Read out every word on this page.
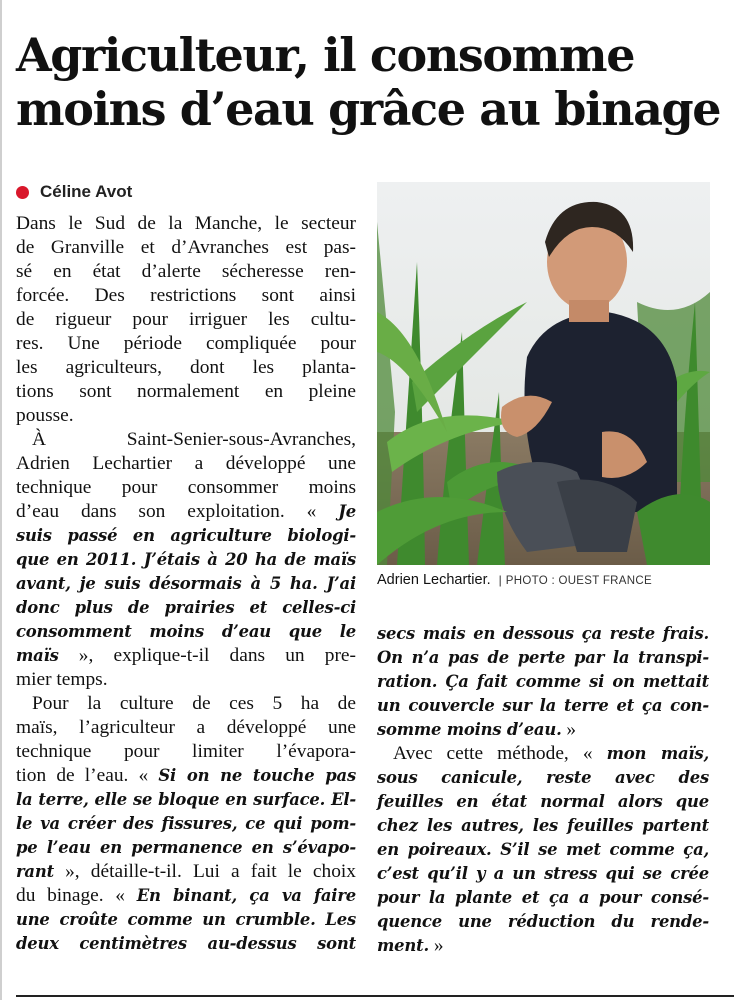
Agriculteur, il consomme
moins d’eau grâce au binage
Céline Avot
Dans le Sud de la Manche, le secteur
de Granville et d’Avranches est pas-
sé en état d’alerte sécheresse ren-
forcée. Des restrictions sont ainsi
de rigueur pour irriguer les cultu-
res. Une période compliquée pour
les agriculteurs, dont les planta-
tions sont normalement en pleine
pousse.
À Saint-Senier-sous-Avranches,
Adrien Lechartier a développé une
technique pour consommer moins
d’eau dans son exploitation. « Je
suis passé en agriculture biologi-
que en 2011. J’étais à 20 ha de maïs
avant, je suis désormais à 5 ha. J’ai
donc plus de prairies et celles-ci
consomment moins d’eau que le
maïs », explique-t-il dans un pre-
mier temps.
Pour la culture de ces 5 ha de
maïs, l’agriculteur a développé une
technique pour limiter l’évapora-
tion de l’eau. « Si on ne touche pas
la terre, elle se bloque en surface. El-
le va créer des fissures, ce qui pom-
pe l’eau en permanence en s’évapo-
rant », détaille-t-il. Lui a fait le choix
du binage. « En binant, ça va faire
une croûte comme un crumble. Les
deux centimètres au-dessus sont
Adrien Lechartier. | PHOTO : OUEST FRANCE
secs mais en dessous ça reste frais.
On n’a pas de perte par la transpi-
ration. Ça fait comme si on mettait
un couvercle sur la terre et ça con-
somme moins d’eau. »
Avec cette méthode, « mon maïs,
sous canicule, reste avec des
feuilles en état normal alors que
chez les autres, les feuilles partent
en poireaux. S’il se met comme ça,
c’est qu’il y a un stress qui se crée
pour la plante et ça a pour consé-
quence une réduction du rende-
ment. »
